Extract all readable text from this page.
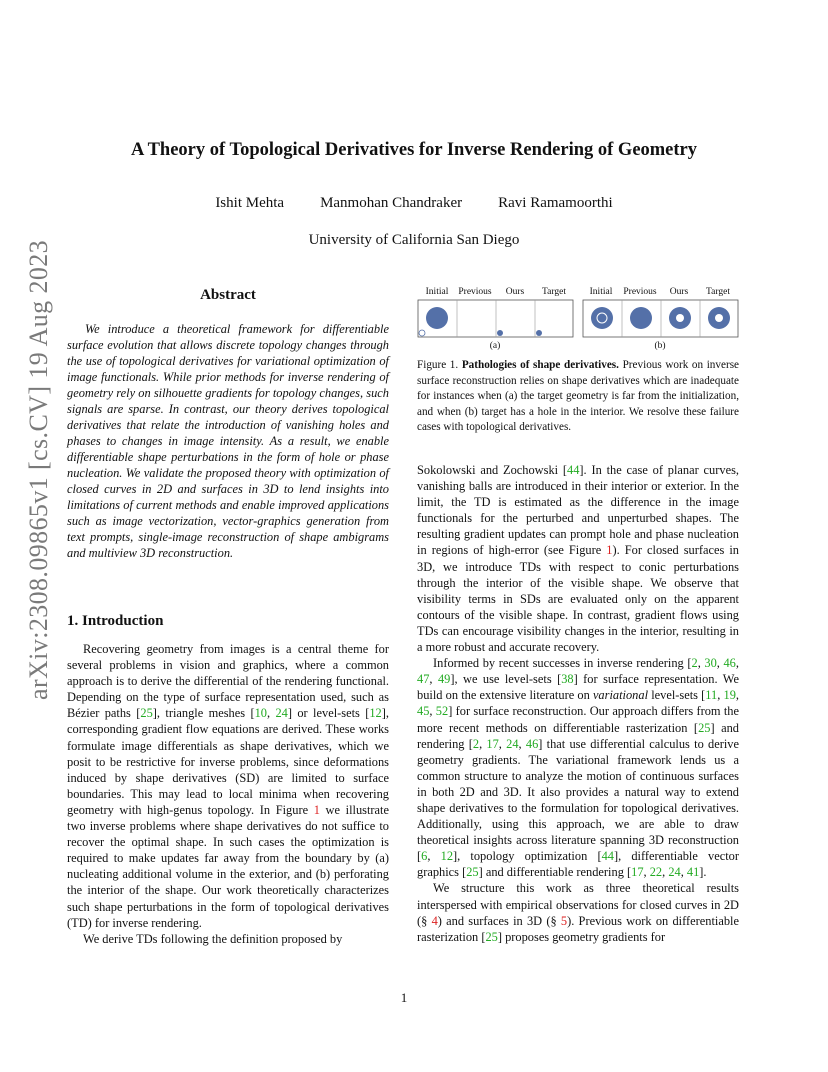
arXiv:2308.09865v1 [cs.CV] 19 Aug 2023
A Theory of Topological Derivatives for Inverse Rendering of Geometry
Ishit Mehta Manmohan Chandraker Ravi Ramamoorthi
University of California San Diego
Abstract

We introduce a theoretical framework for differentiable surface evolution that allows discrete topology changes through the use of topological derivatives for variational optimization of image functionals. While prior methods for inverse rendering of geometry rely on silhouette gradients for topology changes, such signals are sparse. In contrast, our theory derives topological derivatives that relate the introduction of vanishing holes and phases to changes in image intensity. As a result, we enable differentiable shape perturbations in the form of hole or phase nucleation. We validate the proposed theory with optimization of closed curves in 2D and surfaces in 3D to lend insights into limitations of current methods and enable improved applications such as image vectorization, vector-graphics generation from text prompts, single-image reconstruction of shape ambigrams and multiview 3D reconstruction.

1. Introduction

Recovering geometry from images is a central theme for several problems in vision and graphics, where a common approach is to derive the differential of the rendering functional. Depending on the type of surface representation used, such as Bézier paths [25], triangle meshes [10, 24] or level-sets [12], corresponding gradient flow equations are derived. These works formulate image differentials as shape derivatives, which we posit to be restrictive for inverse problems, since deformations induced by shape derivatives (SD) are limited to surface boundaries. This may lead to local minima when recovering geometry with high-genus topology. In Figure 1 we illustrate two inverse problems where shape derivatives do not suffice to recover the optimal shape. In such cases the optimization is required to make updates far away from the boundary by (a) nucleating additional volume in the exterior, and (b) perforating the interior of the shape. Our work theoretically characterizes such shape perturbations in the form of topological derivatives (TD) for inverse rendering.

We derive TDs following the definition proposed by

Initial Previous Ours Target Initial Previous Ours Target
(a)	(b)

Figure 1. Pathologies of shape derivatives. Previous work on inverse surface reconstruction relies on shape derivatives which are inadequate for instances when (a) the target geometry is far from the initialization, and when (b) target has a hole in the interior. We resolve these failure cases with topological derivatives.

Sokolowski and Zochowski [44]. In the case of planar curves, vanishing balls are introduced in their interior or exterior. In the limit, the TD is estimated as the difference in the image functionals for the perturbed and unperturbed shapes. The resulting gradient updates can prompt hole and phase nucleation in regions of high-error (see Figure 1). For closed surfaces in 3D, we introduce TDs with respect to conic perturbations through the interior of the visible shape. We observe that visibility terms in SDs are evaluated only on the apparent contours of the visible shape. In contrast, gradient flows using TDs can encourage visibility changes in the interior, resulting in a more robust and accurate recovery.

Informed by recent successes in inverse rendering [2, 30, 46, 47, 49], we use level-sets [38] for surface representation. We build on the extensive literature on variational level-sets [11, 19, 45, 52] for surface reconstruction. Our approach differs from the more recent methods on differentiable rasterization [25] and rendering [2, 17, 24, 46] that use differential calculus to derive geometry gradients. The variational framework lends us a common structure to analyze the motion of continuous surfaces in both 2D and 3D. It also provides a natural way to extend shape derivatives to the formulation for topological derivatives. Additionally, using this approach, we are able to draw theoretical insights across literature spanning 3D reconstruction [6, 12], topology optimization [44], differentiable vector graphics [25] and differentiable rendering [17, 22, 24, 41].

We structure this work as three theoretical results interspersed with empirical observations for closed curves in 2D (§ 4) and surfaces in 3D (§ 5). Previous work on differentiable rasterization [25] proposes geometry gradients for

1
